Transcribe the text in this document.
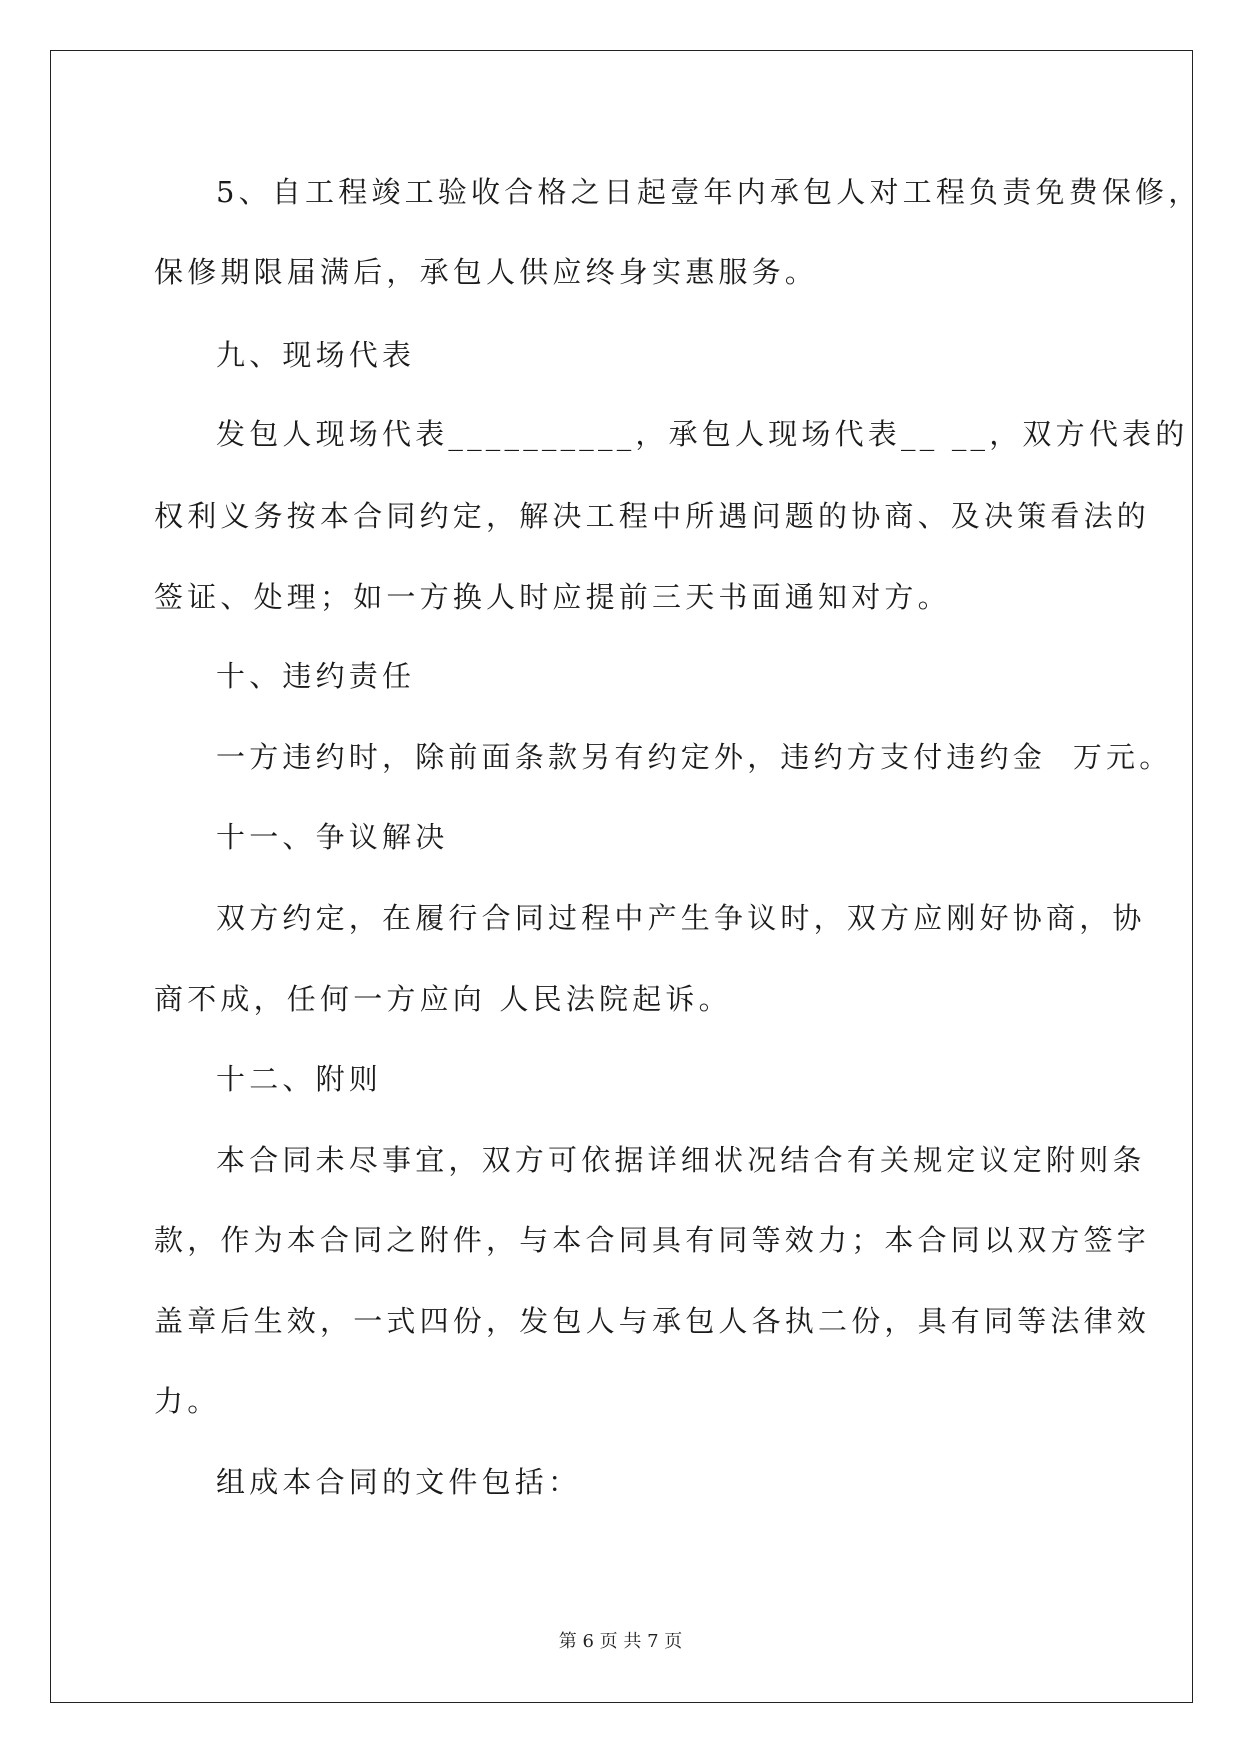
5、自工程竣工验收合格之日起壹年内承包人对工程负责免费保修，
保修期限届满后，承包人供应终身实惠服务。
九、现场代表
发包人现场代表__________，承包人现场代表__ __，双方代表的
权利义务按本合同约定，解决工程中所遇问题的协商、及决策看法的
签证、处理；如一方换人时应提前三天书面通知对方。
十、违约责任
一方违约时，除前面条款另有约定外，违约方支付违约金  万元。
十一、争议解决
双方约定，在履行合同过程中产生争议时，双方应刚好协商，协
商不成，任何一方应向 人民法院起诉。
十二、附则
本合同未尽事宜，双方可依据详细状况结合有关规定议定附则条
款，作为本合同之附件，与本合同具有同等效力；本合同以双方签字
盖章后生效，一式四份，发包人与承包人各执二份，具有同等法律效
力。
组成本合同的文件包括：
第 6 页 共 7 页
